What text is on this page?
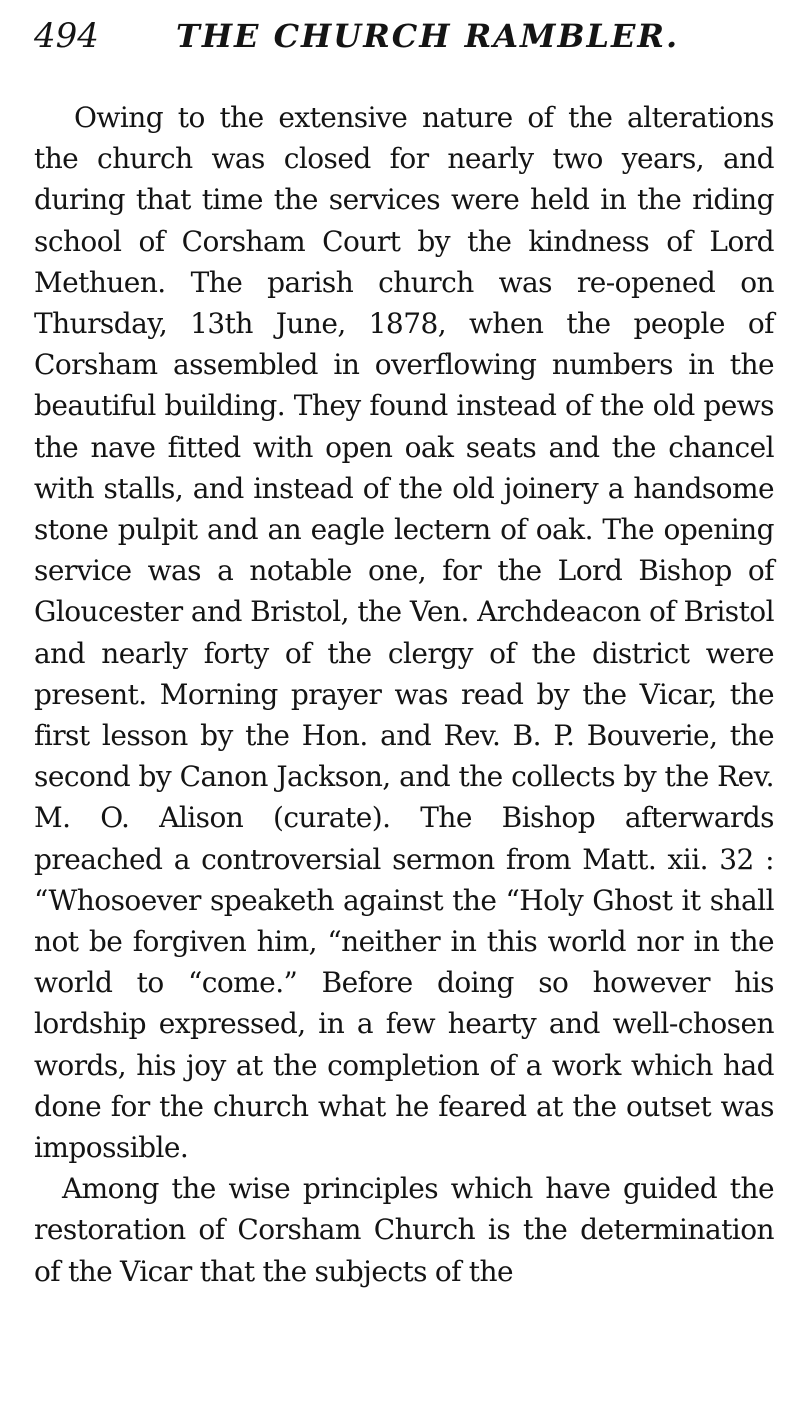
494 THE CHURCH RAMBLER.

Owing to the extensive nature of the alterations the church was closed for nearly two years, and during that time the services were held in the riding school of Corsham Court by the kindness of Lord Methuen. The parish church was re-opened on Thursday, 13th June, 1878, when the people of Corsham assembled in overflowing numbers in the beautiful building. They found instead of the old pews the nave fitted with open oak seats and the chancel with stalls, and instead of the old joinery a handsome stone pulpit and an eagle lectern of oak. The opening service was a notable one, for the Lord Bishop of Gloucester and Bristol, the Ven. Archdeacon of Bristol and nearly forty of the clergy of the district were present. Morning prayer was read by the Vicar, the first lesson by the Hon. and Rev. B. P. Bouverie, the second by Canon Jackson, and the collects by the Rev. M. O. Alison (curate). The Bishop afterwards preached a controversial sermon from Matt. xii. 32 : “Whosoever speaketh against the “Holy Ghost it shall not be forgiven him, “neither in this world nor in the world to “come.” Before doing so however his lordship expressed, in a few hearty and well-chosen words, his joy at the completion of a work which had done for the church what he feared at the outset was impossible.

Among the wise principles which have guided the restoration of Corsham Church is the determination of the Vicar that the subjects of the
